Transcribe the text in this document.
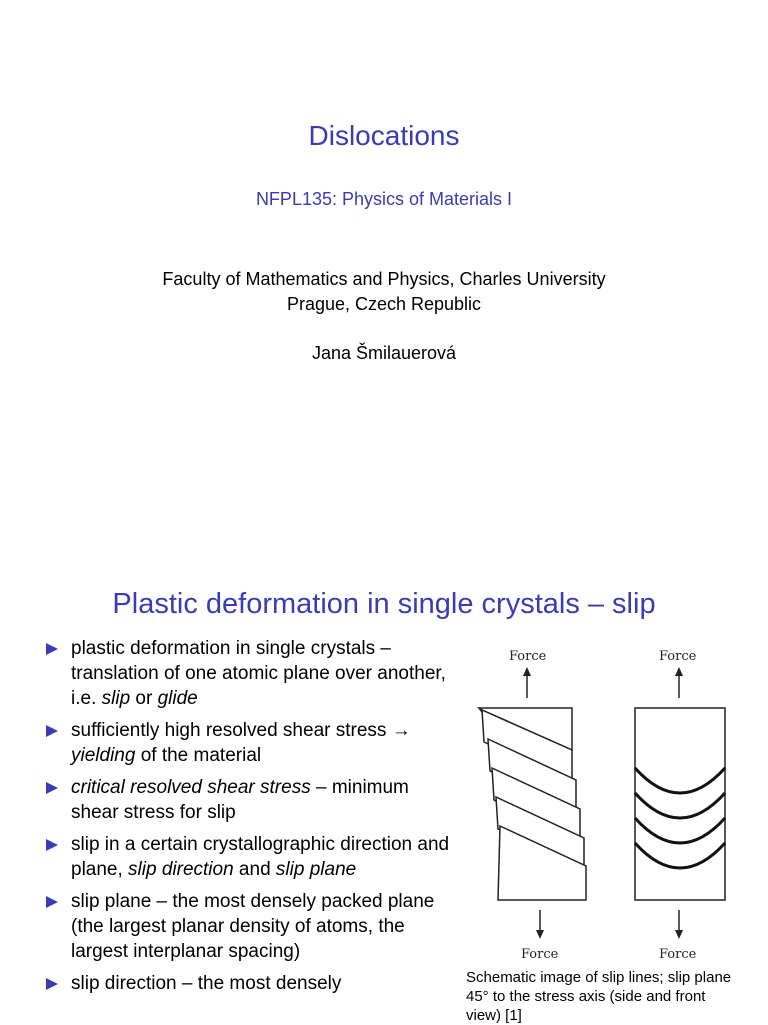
Dislocations
NFPL135: Physics of Materials I
Faculty of Mathematics and Physics, Charles University
Prague, Czech Republic
Jana Šmilauerová
Plastic deformation in single crystals – slip
plastic deformation in single crystals – translation of one atomic plane over another, i.e. slip or glide
sufficiently high resolved shear stress → yielding of the material
critical resolved shear stress – minimum shear stress for slip
slip in a certain crystallographic direction and plane, slip direction and slip plane
slip plane – the most densely packed plane (the largest planar density of atoms, the largest interplanar spacing)
slip direction – the most densely
Force	Force
Force	Force
Schematic image of slip lines; slip plane 45° to the stress axis (side and front view) [1]
